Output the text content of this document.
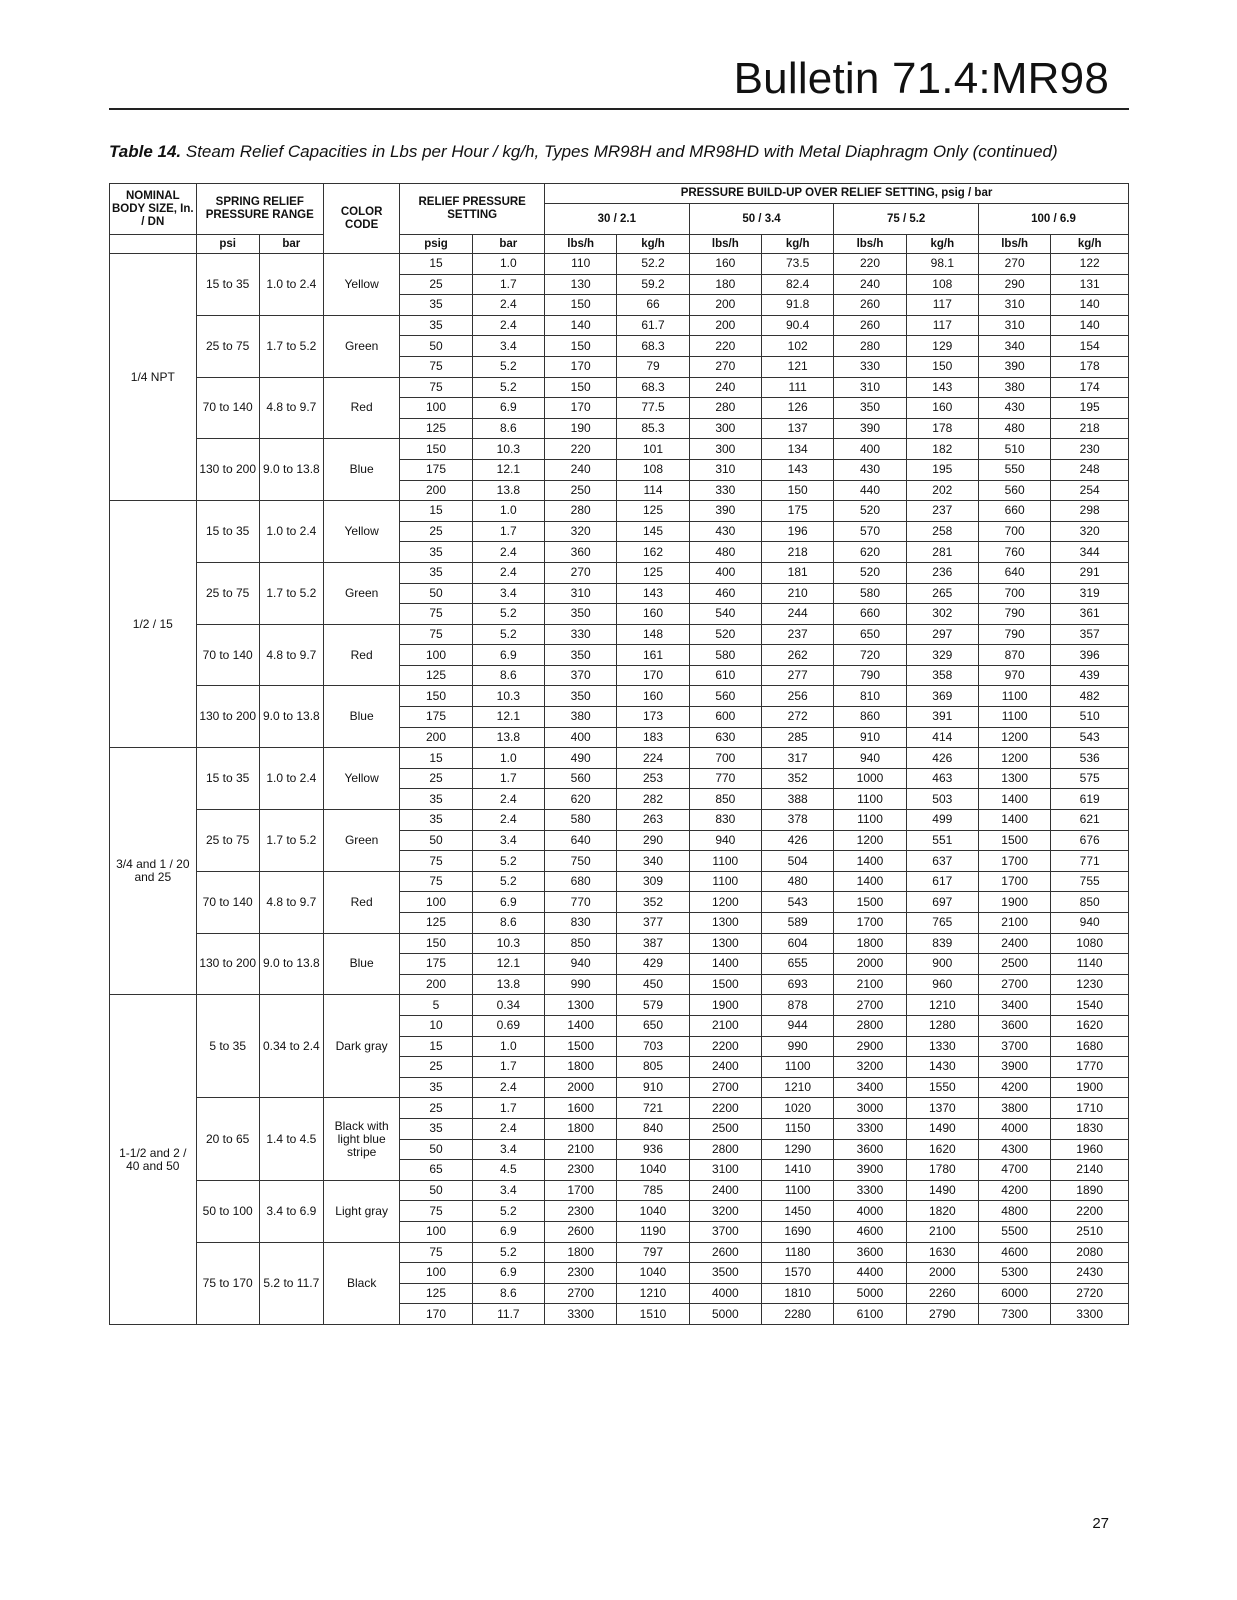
Bulletin 71.4:MR98
Table 14. Steam Relief Capacities in Lbs per Hour / kg/h, Types MR98H and MR98HD with Metal Diaphragm Only (continued)
NOMINAL BODY SIZE, In. / DN	SPRING RELIEF PRESSURE RANGE		COLOR CODE	RELIEF PRESSURE SETTING		PRESSURE BUILD-UP OVER RELIEF SETTING, psig / bar							
						30 / 2.1		50 / 3.4		75 / 5.2		100 / 6.9	
	psi	bar		psig	bar	lbs/h	kg/h	lbs/h	kg/h	lbs/h	kg/h	lbs/h	kg/h
1/4 NPT	15 to 35	1.0 to 2.4	Yellow	15	1.0	110	52.2	160	73.5	220	98.1	270	122
				25	1.7	130	59.2	180	82.4	240	108	290	131
				35	2.4	150	66	200	91.8	260	117	310	140
	25 to 75	1.7 to 5.2	Green	35	2.4	140	61.7	200	90.4	260	117	310	140
				50	3.4	150	68.3	220	102	280	129	340	154
				75	5.2	170	79	270	121	330	150	390	178
	70 to 140	4.8 to 9.7	Red	75	5.2	150	68.3	240	111	310	143	380	174
				100	6.9	170	77.5	280	126	350	160	430	195
				125	8.6	190	85.3	300	137	390	178	480	218
	130 to 200	9.0 to 13.8	Blue	150	10.3	220	101	300	134	400	182	510	230
				175	12.1	240	108	310	143	430	195	550	248
				200	13.8	250	114	330	150	440	202	560	254
1/2 / 15	15 to 35	1.0 to 2.4	Yellow	15	1.0	280	125	390	175	520	237	660	298
				25	1.7	320	145	430	196	570	258	700	320
				35	2.4	360	162	480	218	620	281	760	344
	25 to 75	1.7 to 5.2	Green	35	2.4	270	125	400	181	520	236	640	291
				50	3.4	310	143	460	210	580	265	700	319
				75	5.2	350	160	540	244	660	302	790	361
	70 to 140	4.8 to 9.7	Red	75	5.2	330	148	520	237	650	297	790	357
				100	6.9	350	161	580	262	720	329	870	396
				125	8.6	370	170	610	277	790	358	970	439
	130 to 200	9.0 to 13.8	Blue	150	10.3	350	160	560	256	810	369	1100	482
				175	12.1	380	173	600	272	860	391	1100	510
				200	13.8	400	183	630	285	910	414	1200	543
3/4 and 1 / 20 and 25	15 to 35	1.0 to 2.4	Yellow	15	1.0	490	224	700	317	940	426	1200	536
				25	1.7	560	253	770	352	1000	463	1300	575
				35	2.4	620	282	850	388	1100	503	1400	619
	25 to 75	1.7 to 5.2	Green	35	2.4	580	263	830	378	1100	499	1400	621
				50	3.4	640	290	940	426	1200	551	1500	676
				75	5.2	750	340	1100	504	1400	637	1700	771
	70 to 140	4.8 to 9.7	Red	75	5.2	680	309	1100	480	1400	617	1700	755
				100	6.9	770	352	1200	543	1500	697	1900	850
				125	8.6	830	377	1300	589	1700	765	2100	940
	130 to 200	9.0 to 13.8	Blue	150	10.3	850	387	1300	604	1800	839	2400	1080
				175	12.1	940	429	1400	655	2000	900	2500	1140
				200	13.8	990	450	1500	693	2100	960	2700	1230
1-1/2 and 2 / 40 and 50	5 to 35	0.34 to 2.4	Dark gray	5	0.34	1300	579	1900	878	2700	1210	3400	1540
				10	0.69	1400	650	2100	944	2800	1280	3600	1620
				15	1.0	1500	703	2200	990	2900	1330	3700	1680
				25	1.7	1800	805	2400	1100	3200	1430	3900	1770
				35	2.4	2000	910	2700	1210	3400	1550	4200	1900
	20 to 65	1.4 to 4.5	Black with light blue stripe	25	1.7	1600	721	2200	1020	3000	1370	3800	1710
				35	2.4	1800	840	2500	1150	3300	1490	4000	1830
				50	3.4	2100	936	2800	1290	3600	1620	4300	1960
				65	4.5	2300	1040	3100	1410	3900	1780	4700	2140
	50 to 100	3.4 to 6.9	Light gray	50	3.4	1700	785	2400	1100	3300	1490	4200	1890
				75	5.2	2300	1040	3200	1450	4000	1820	4800	2200
				100	6.9	2600	1190	3700	1690	4600	2100	5500	2510
	75 to 170	5.2 to 11.7	Black	75	5.2	1800	797	2600	1180	3600	1630	4600	2080
				100	6.9	2300	1040	3500	1570	4400	2000	5300	2430
				125	8.6	2700	1210	4000	1810	5000	2260	6000	2720
				170	11.7	3300	1510	5000	2280	6100	2790	7300	3300
27
